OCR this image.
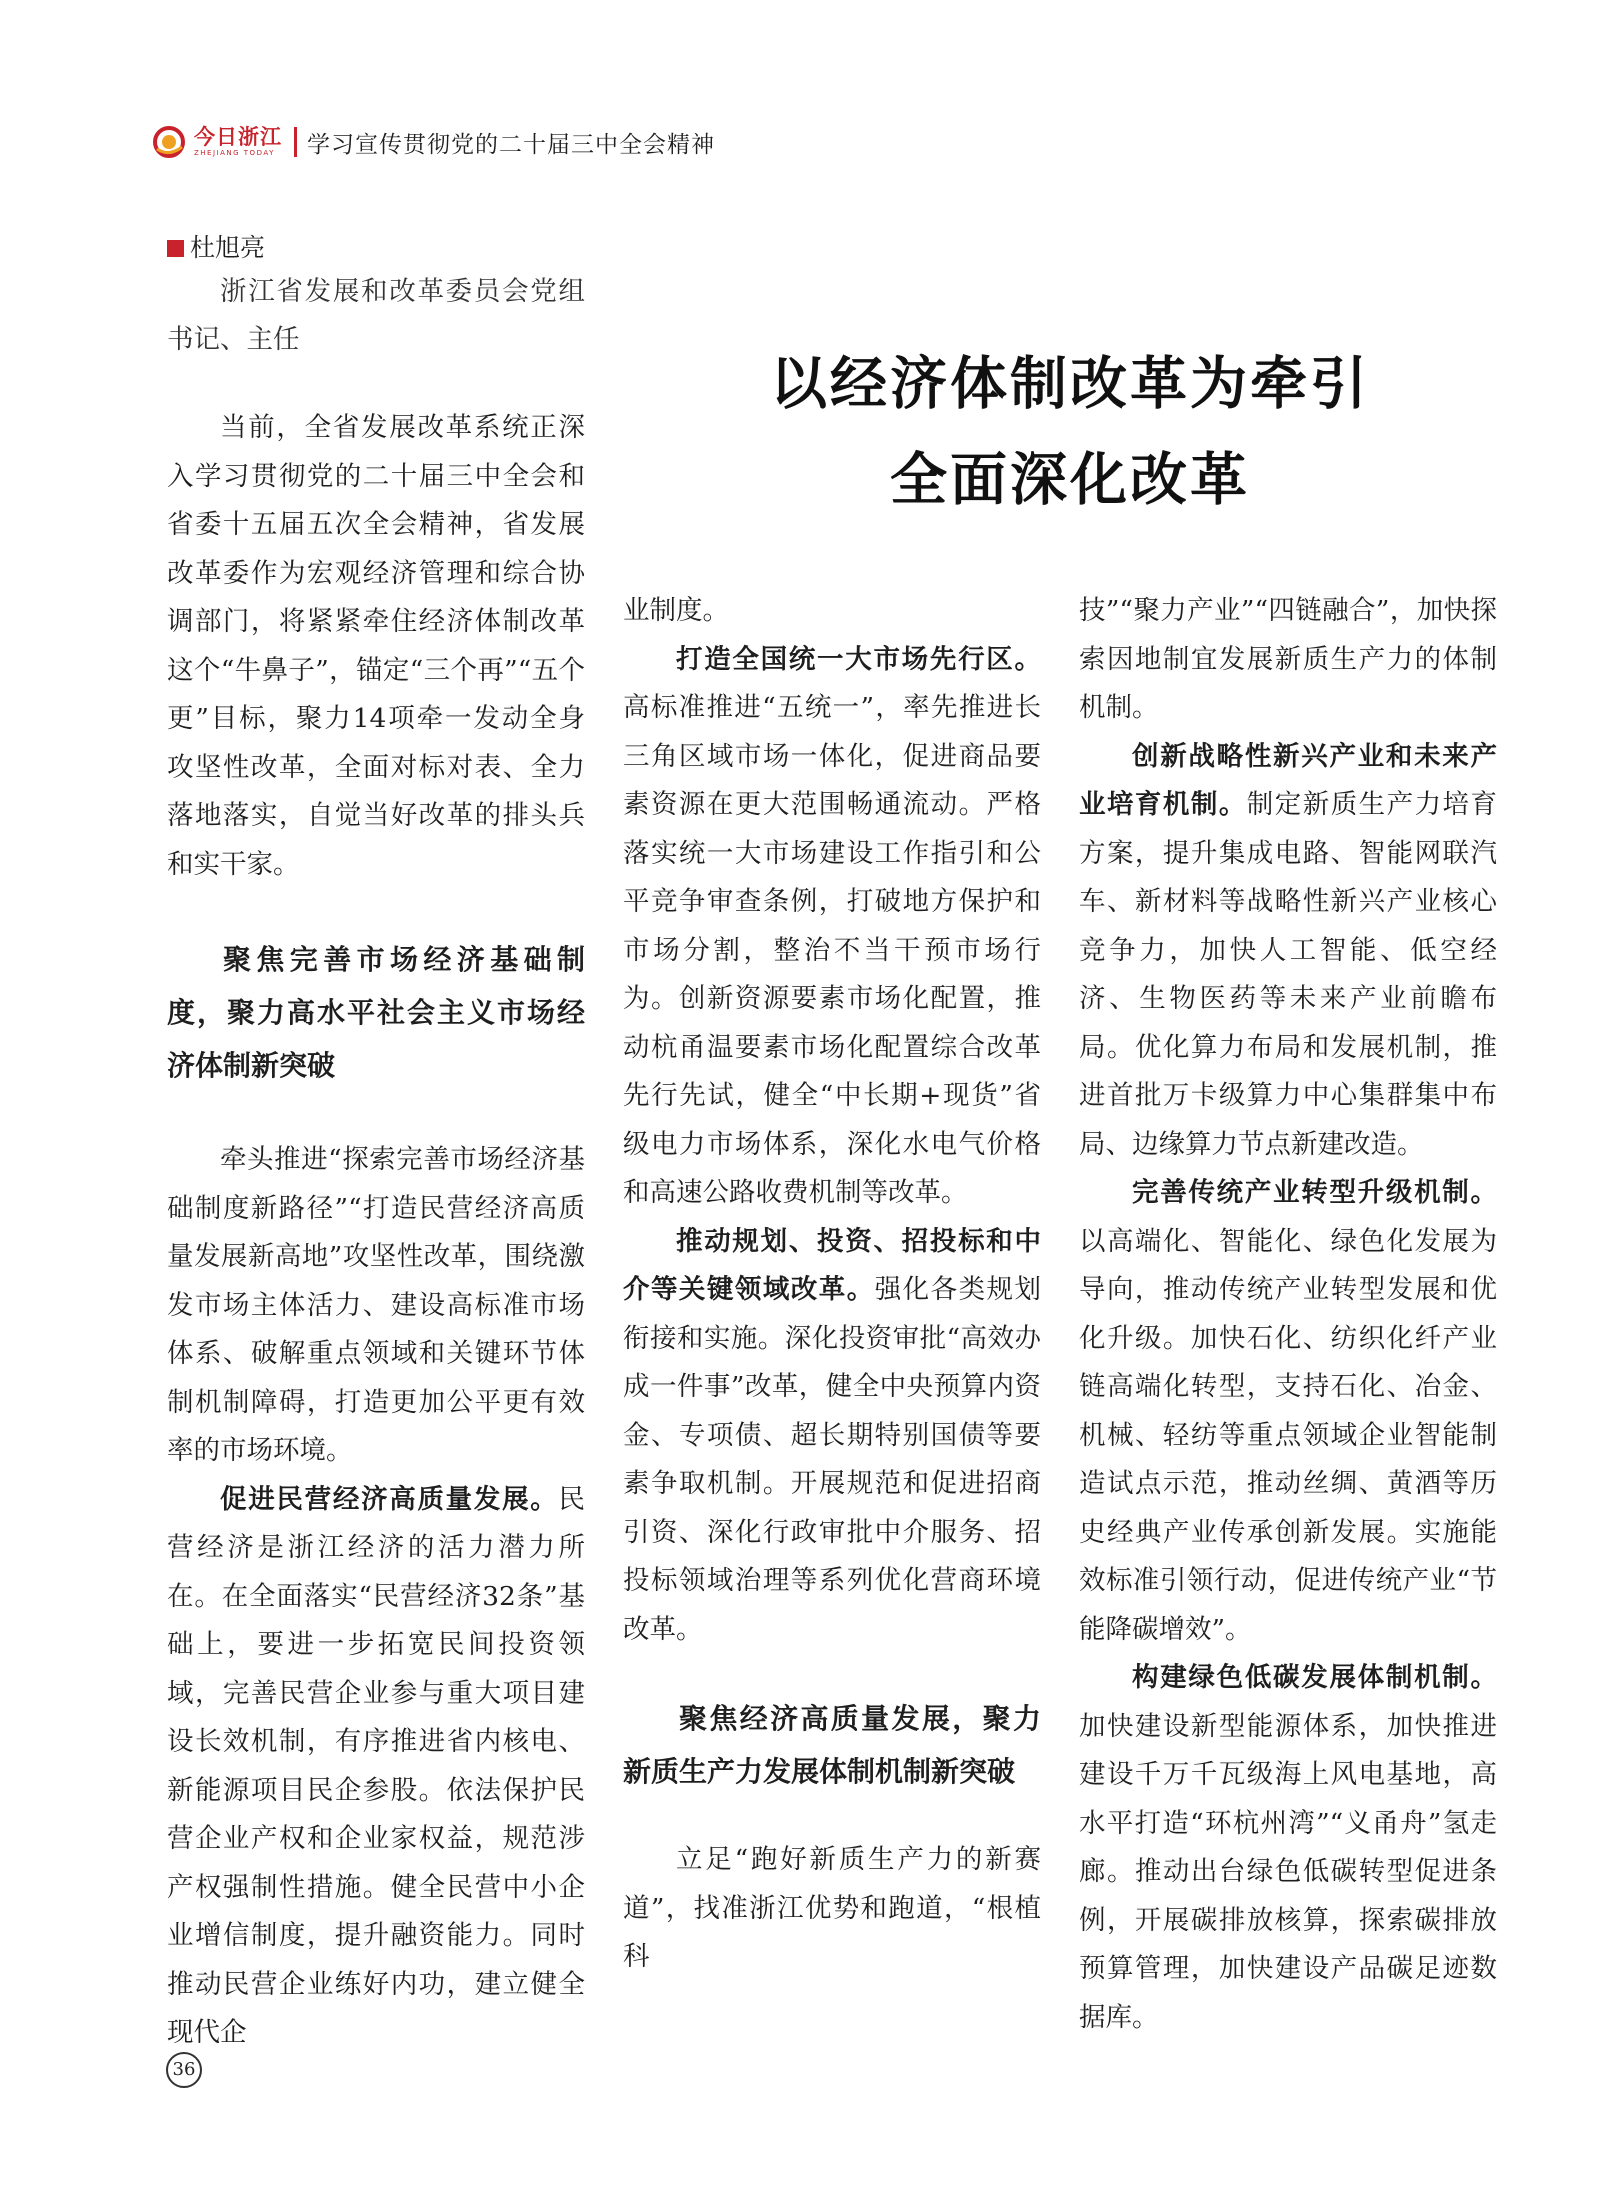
今日浙江
ZHEJIANG TODAY	学习宣传贯彻党的二十届三中全会精神
以经济体制改革为牵引
全面深化改革
杜旭亮

浙江省发展和改革委员会党组书记、主任

当前，全省发展改革系统正深入学习贯彻党的二十届三中全会和省委十五届五次全会精神，省发展改革委作为宏观经济管理和综合协调部门，将紧紧牵住经济体制改革这个“牛鼻子”，锚定“三个再”“五个更”目标，聚力14项牵一发动全身攻坚性改革，全面对标对表、全力落地落实，自觉当好改革的排头兵和实干家。

聚焦完善市场经济基础制度，聚力高水平社会主义市场经济体制新突破

牵头推进“探索完善市场经济基础制度新路径”“打造民营经济高质量发展新高地”攻坚性改革，围绕激发市场主体活力、建设高标准市场体系、破解重点领域和关键环节体制机制障碍，打造更加公平更有效率的市场环境。

促进民营经济高质量发展。民营经济是浙江经济的活力潜力所在。在全面落实“民营经济32条”基础上，要进一步拓宽民间投资领域，完善民营企业参与重大项目建设长效机制，有序推进省内核电、新能源项目民企参股。依法保护民营企业产权和企业家权益，规范涉产权强制性措施。健全民营中小企业增信制度，提升融资能力。同时推动民营企业练好内功，建立健全现代企

业制度。

打造全国统一大市场先行区。高标准推进“五统一”，率先推进长三角区域市场一体化，促进商品要素资源在更大范围畅通流动。严格落实统一大市场建设工作指引和公平竞争审查条例，打破地方保护和市场分割，整治不当干预市场行为。创新资源要素市场化配置，推动杭甬温要素市场化配置综合改革先行先试，健全“中长期+现货”省级电力市场体系，深化水电气价格和高速公路收费机制等改革。

推动规划、投资、招投标和中介等关键领域改革。强化各类规划衔接和实施。深化投资审批“高效办成一件事”改革，健全中央预算内资金、专项债、超长期特别国债等要素争取机制。开展规范和促进招商引资、深化行政审批中介服务、招投标领域治理等系列优化营商环境改革。

聚焦经济高质量发展，聚力新质生产力发展体制机制新突破

立足“跑好新质生产力的新赛道”，找准浙江优势和跑道，“根植科

技”“聚力产业”“四链融合”，加快探索因地制宜发展新质生产力的体制机制。

创新战略性新兴产业和未来产业培育机制。制定新质生产力培育方案，提升集成电路、智能网联汽车、新材料等战略性新兴产业核心竞争力，加快人工智能、低空经济、生物医药等未来产业前瞻布局。优化算力布局和发展机制，推进首批万卡级算力中心集群集中布局、边缘算力节点新建改造。

完善传统产业转型升级机制。以高端化、智能化、绿色化发展为导向，推动传统产业转型发展和优化升级。加快石化、纺织化纤产业链高端化转型，支持石化、冶金、机械、轻纺等重点领域企业智能制造试点示范，推动丝绸、黄酒等历史经典产业传承创新发展。实施能效标准引领行动，促进传统产业“节能降碳增效”。

构建绿色低碳发展体制机制。加快建设新型能源体系，加快推进建设千万千瓦级海上风电基地，高水平打造“环杭州湾”“义甬舟”氢走廊。推动出台绿色低碳转型促进条例，开展碳排放核算，探索碳排放预算管理，加快建设产品碳足迹数据库。

36
